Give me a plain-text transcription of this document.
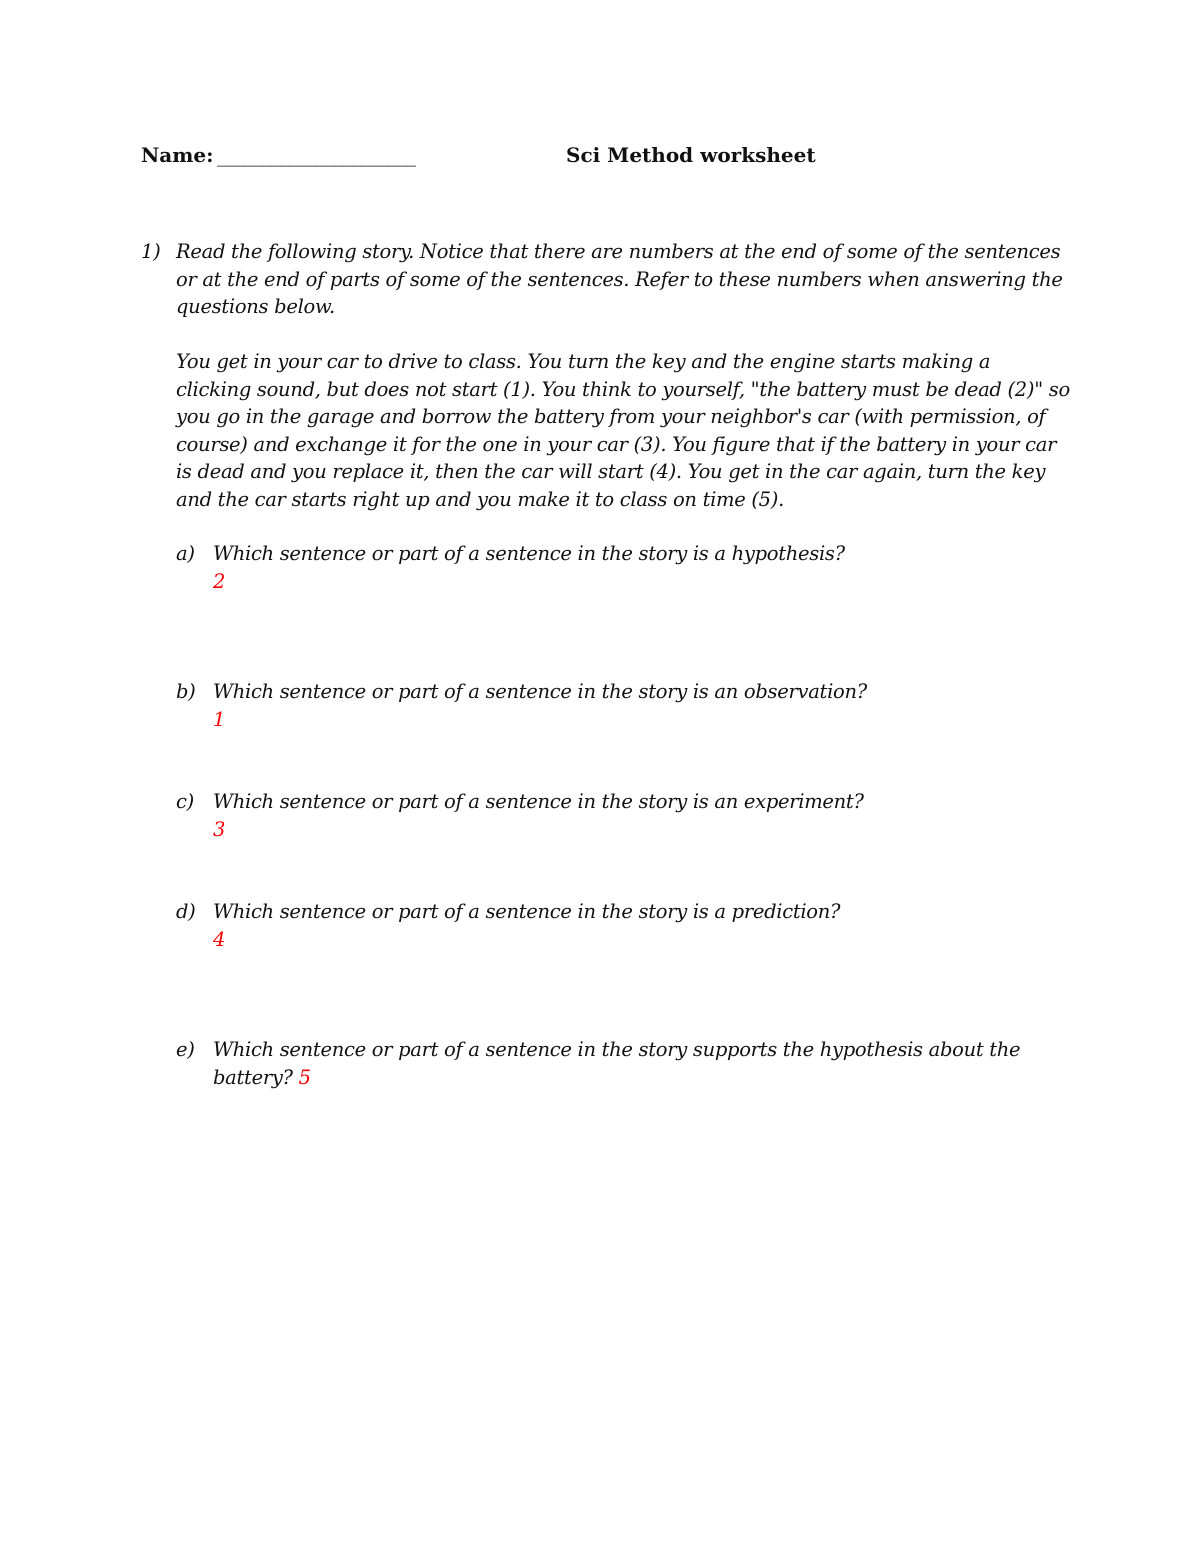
Name: ______________________	Sci Method worksheet
1) Read the following story. Notice that there are numbers at the end of some of the sentences or at the end of parts of some of the sentences. Refer to these numbers when answering the questions below.
You get in your car to drive to class. You turn the key and the engine starts making a clicking sound, but does not start (1). You think to yourself, "the battery must be dead (2)" so you go in the garage and borrow the battery from your neighbor's car (with permission, of course) and exchange it for the one in your car (3). You figure that if the battery in your car is dead and you replace it, then the car will start (4). You get in the car again, turn the key and the car starts right up and you make it to class on time (5).
a) Which sentence or part of a sentence in the story is a hypothesis?
2
b) Which sentence or part of a sentence in the story is an observation?
1
c) Which sentence or part of a sentence in the story is an experiment?
3
d) Which sentence or part of a sentence in the story is a prediction?
4
e) Which sentence or part of a sentence in the story supports the hypothesis about the battery? 5
